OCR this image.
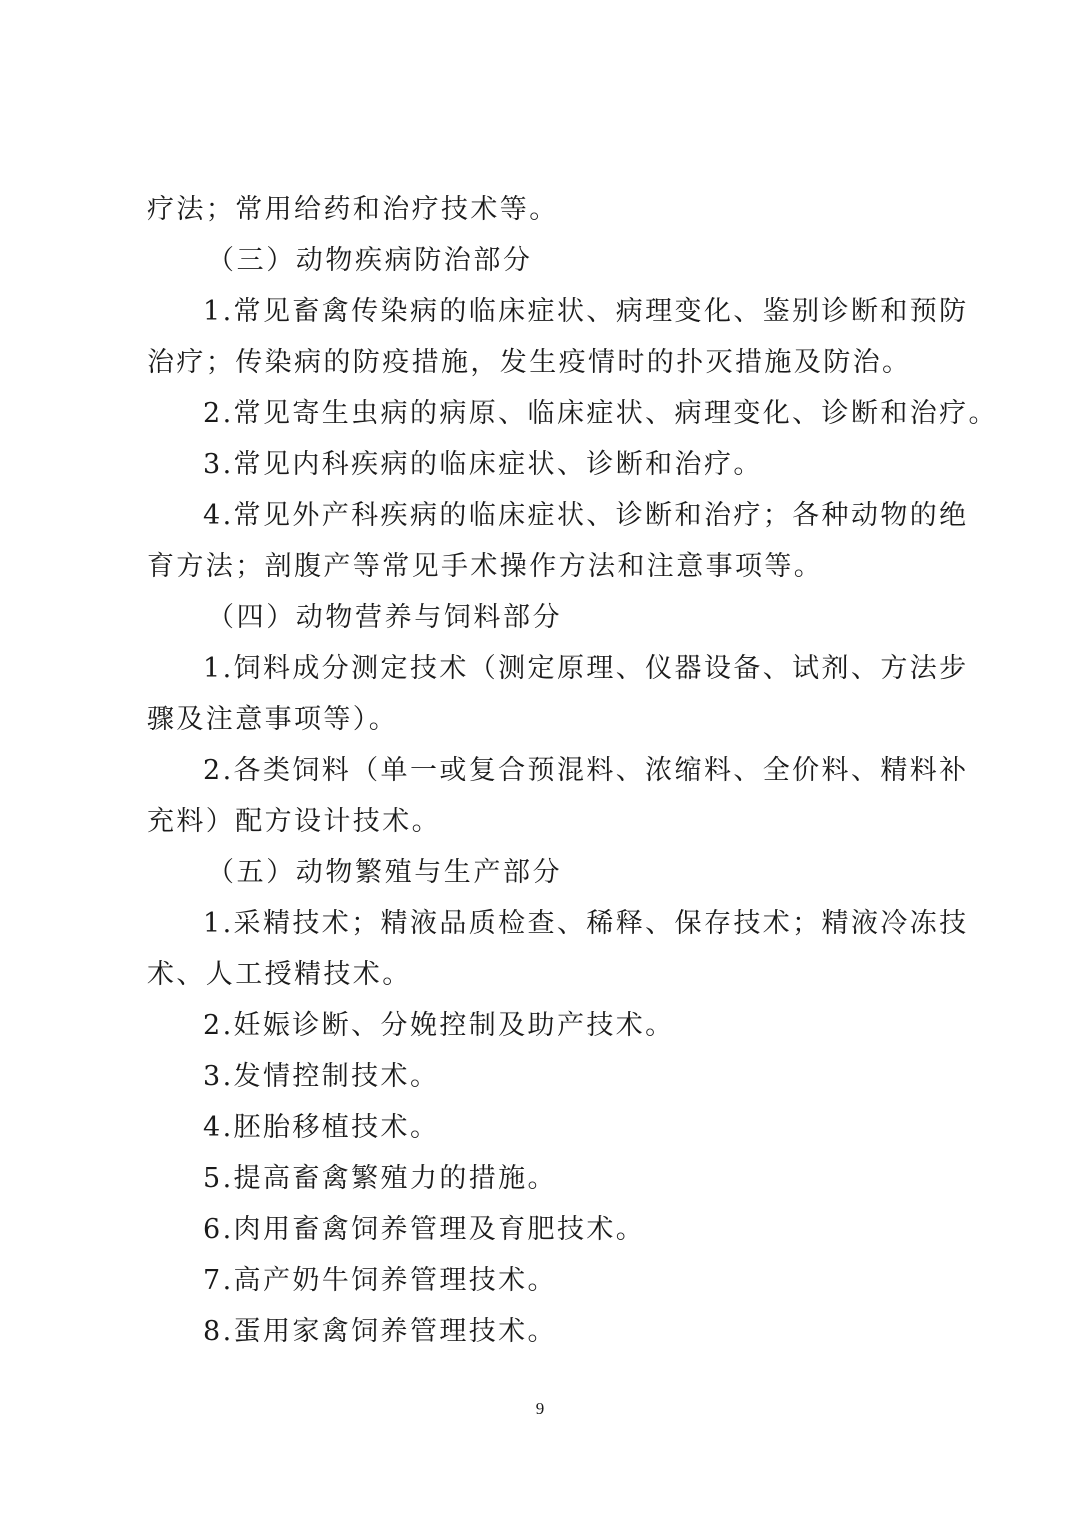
疗法；常用给药和治疗技术等。
（三）动物疾病防治部分
1.常见畜禽传染病的临床症状、病理变化、鉴别诊断和预防
治疗；传染病的防疫措施，发生疫情时的扑灭措施及防治。
2.常见寄生虫病的病原、临床症状、病理变化、诊断和治疗。
3.常见内科疾病的临床症状、诊断和治疗。
4.常见外产科疾病的临床症状、诊断和治疗；各种动物的绝
育方法；剖腹产等常见手术操作方法和注意事项等。
（四）动物营养与饲料部分
1.饲料成分测定技术（测定原理、仪器设备、试剂、方法步
骤及注意事项等）。
2.各类饲料（单一或复合预混料、浓缩料、全价料、精料补
充料）配方设计技术。
（五）动物繁殖与生产部分
1.采精技术；精液品质检查、稀释、保存技术；精液冷冻技
术、人工授精技术。
2.妊娠诊断、分娩控制及助产技术。
3.发情控制技术。
4.胚胎移植技术。
5.提高畜禽繁殖力的措施。
6.肉用畜禽饲养管理及育肥技术。
7.高产奶牛饲养管理技术。
8.蛋用家禽饲养管理技术。
9
